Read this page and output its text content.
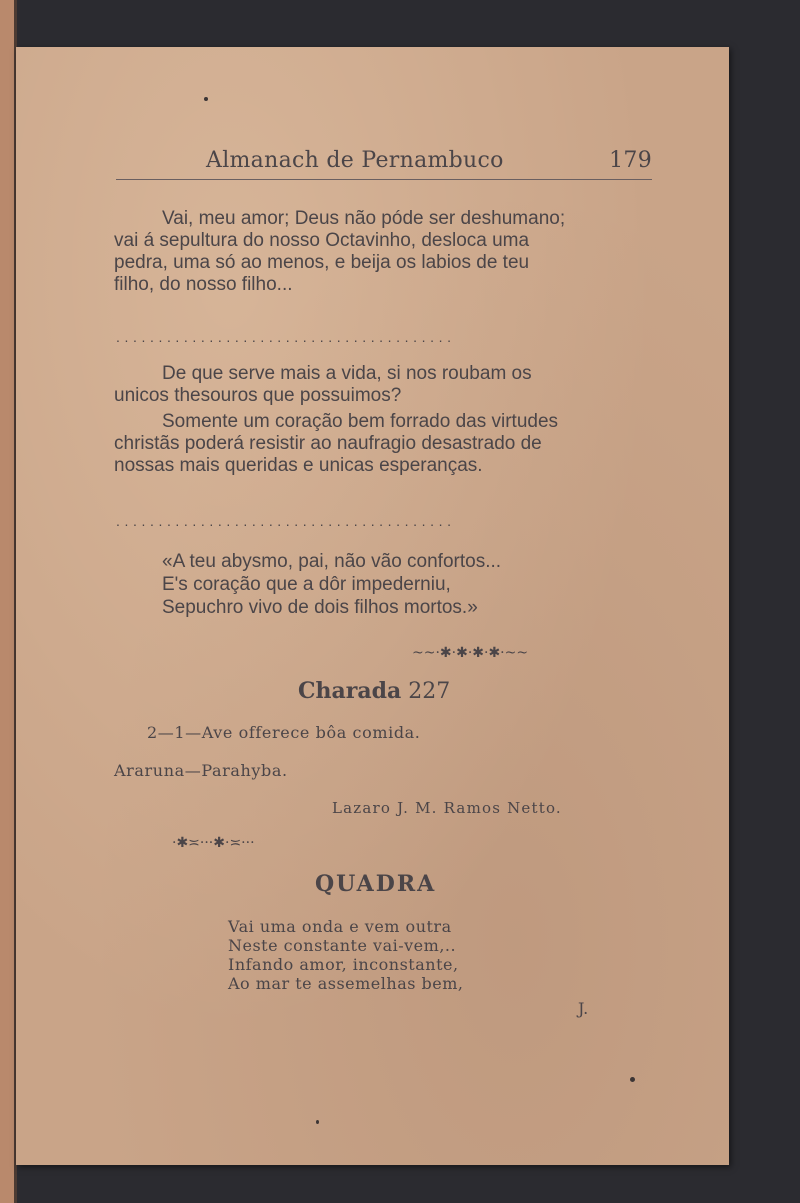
Almanach de Pernambuco	179
Vai, meu amor; Deus não póde ser deshumano;
vai á sepultura do nosso Octavinho, desloca uma
pedra, uma só ao menos, e beija os labios de teu
filho, do nosso filho...
........................................
De que serve mais a vida, si nos roubam os
unicos thesouros que possuimos?
Somente um coração bem forrado das virtudes
christãs poderá resistir ao naufragio desastrado de
nossas mais queridas e unicas esperanças.
........................................
«A teu abysmo, pai, não vão confortos...
E's coração que a dôr impederniu,
Sepuchro vivo de dois filhos mortos.»
~~·✱·✱·✱·✱·~~
Charada 227
2—1—Ave offerece bôa comida.
Araruna—Parahyba.
Lazaro J. M. Ramos Netto.
·✱≍···✱·≍···
QUADRA
Vai uma onda e vem outra
Neste constante vai-vem,..
Infando amor, inconstante,
Ao mar te assemelhas bem,
J.
